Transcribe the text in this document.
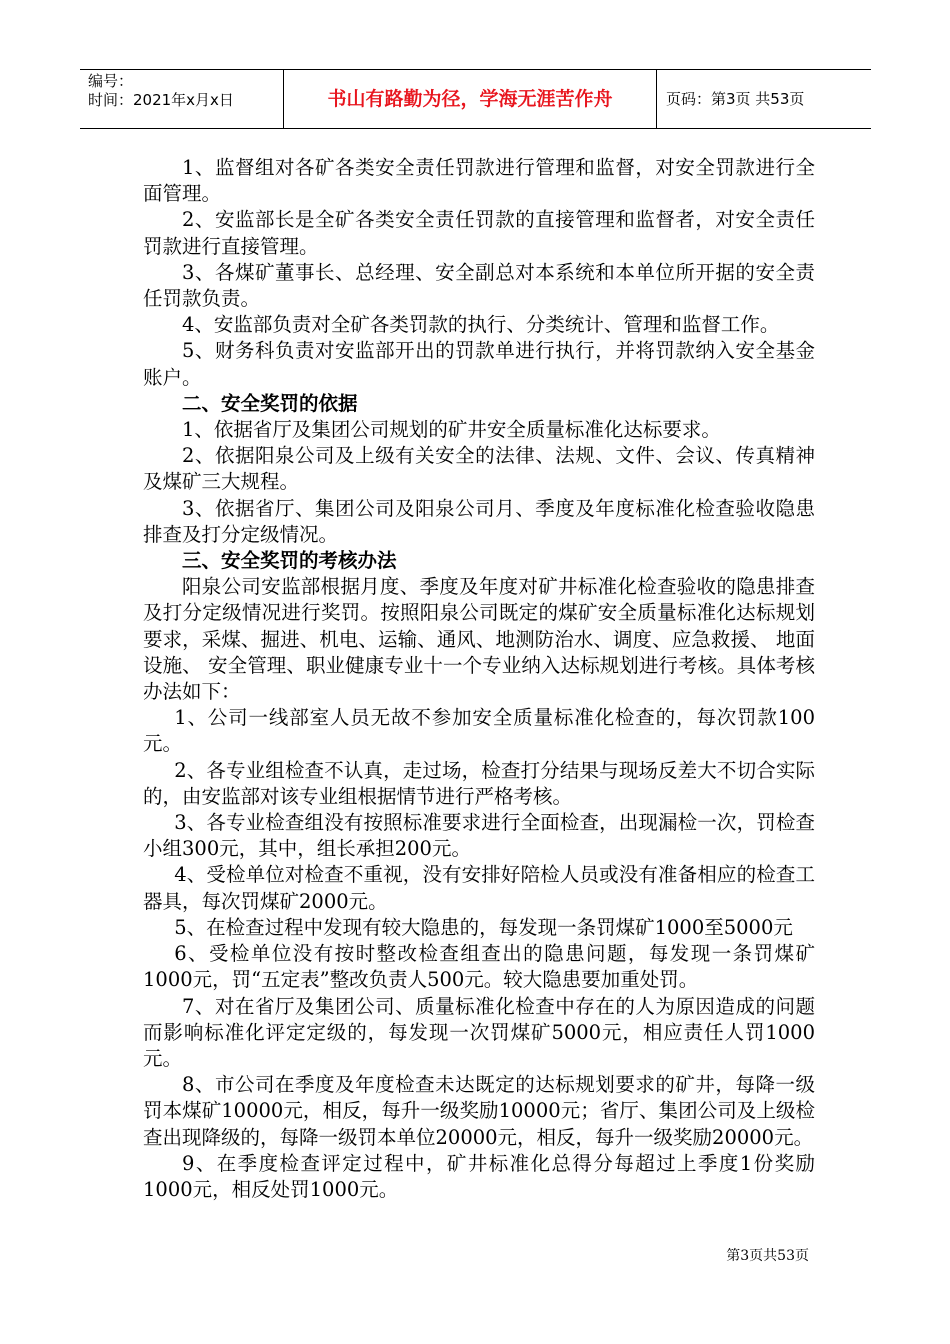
编号：
时间：2021年x月x日	书山有路勤为径，学海无涯苦作舟	页码：第3页 共53页

1、监督组对各矿各类安全责任罚款进行管理和监督，对安全罚款进行全面管理。

2、安监部长是全矿各类安全责任罚款的直接管理和监督者，对安全责任罚款进行直接管理。

3、各煤矿董事长、总经理、安全副总对本系统和本单位所开据的安全责任罚款负责。

4、安监部负责对全矿各类罚款的执行、分类统计、管理和监督工作。

5、财务科负责对安监部开出的罚款单进行执行，并将罚款纳入安全基金账户。

二、安全奖罚的依据

1、依据省厅及集团公司规划的矿井安全质量标准化达标要求。

2、依据阳泉公司及上级有关安全的法律、法规、文件、会议、传真精神及煤矿三大规程。

3、依据省厅、集团公司及阳泉公司月、季度及年度标准化检查验收隐患排查及打分定级情况。

三、安全奖罚的考核办法

阳泉公司安监部根据月度、季度及年度对矿井标准化检查验收的隐患排查及打分定级情况进行奖罚。按照阳泉公司既定的煤矿安全质量标准化达标规划要求，采煤、掘进、机电、运输、通风、地测防治水、调度、应急救援、 地面设施、 安全管理、职业健康专业十一个专业纳入达标规划进行考核。具体考核办法如下：

1、公司一线部室人员无故不参加安全质量标准化检查的，每次罚款100元。

2、各专业组检查不认真，走过场，检查打分结果与现场反差大不切合实际的，由安监部对该专业组根据情节进行严格考核。

3、各专业检查组没有按照标准要求进行全面检查，出现漏检一次，罚检查小组300元，其中，组长承担200元。

4、受检单位对检查不重视，没有安排好陪检人员或没有准备相应的检查工器具，每次罚煤矿2000元。

5、在检查过程中发现有较大隐患的，每发现一条罚煤矿1000至5000元

6、受检单位没有按时整改检查组查出的隐患问题，每发现一条罚煤矿1000元，罚“五定表”整改负责人500元。较大隐患要加重处罚。

7、对在省厅及集团公司、质量标准化检查中存在的人为原因造成的问题而影响标准化评定定级的，每发现一次罚煤矿5000元，相应责任人罚1000元。

8、市公司在季度及年度检查未达既定的达标规划要求的矿井，每降一级罚本煤矿10000元，相反，每升一级奖励10000元；省厅、集团公司及上级检查出现降级的，每降一级罚本单位20000元，相反，每升一级奖励20000元。

9、在季度检查评定过程中，矿井标准化总得分每超过上季度1份奖励1000元，相反处罚1000元。

第3页共53页
